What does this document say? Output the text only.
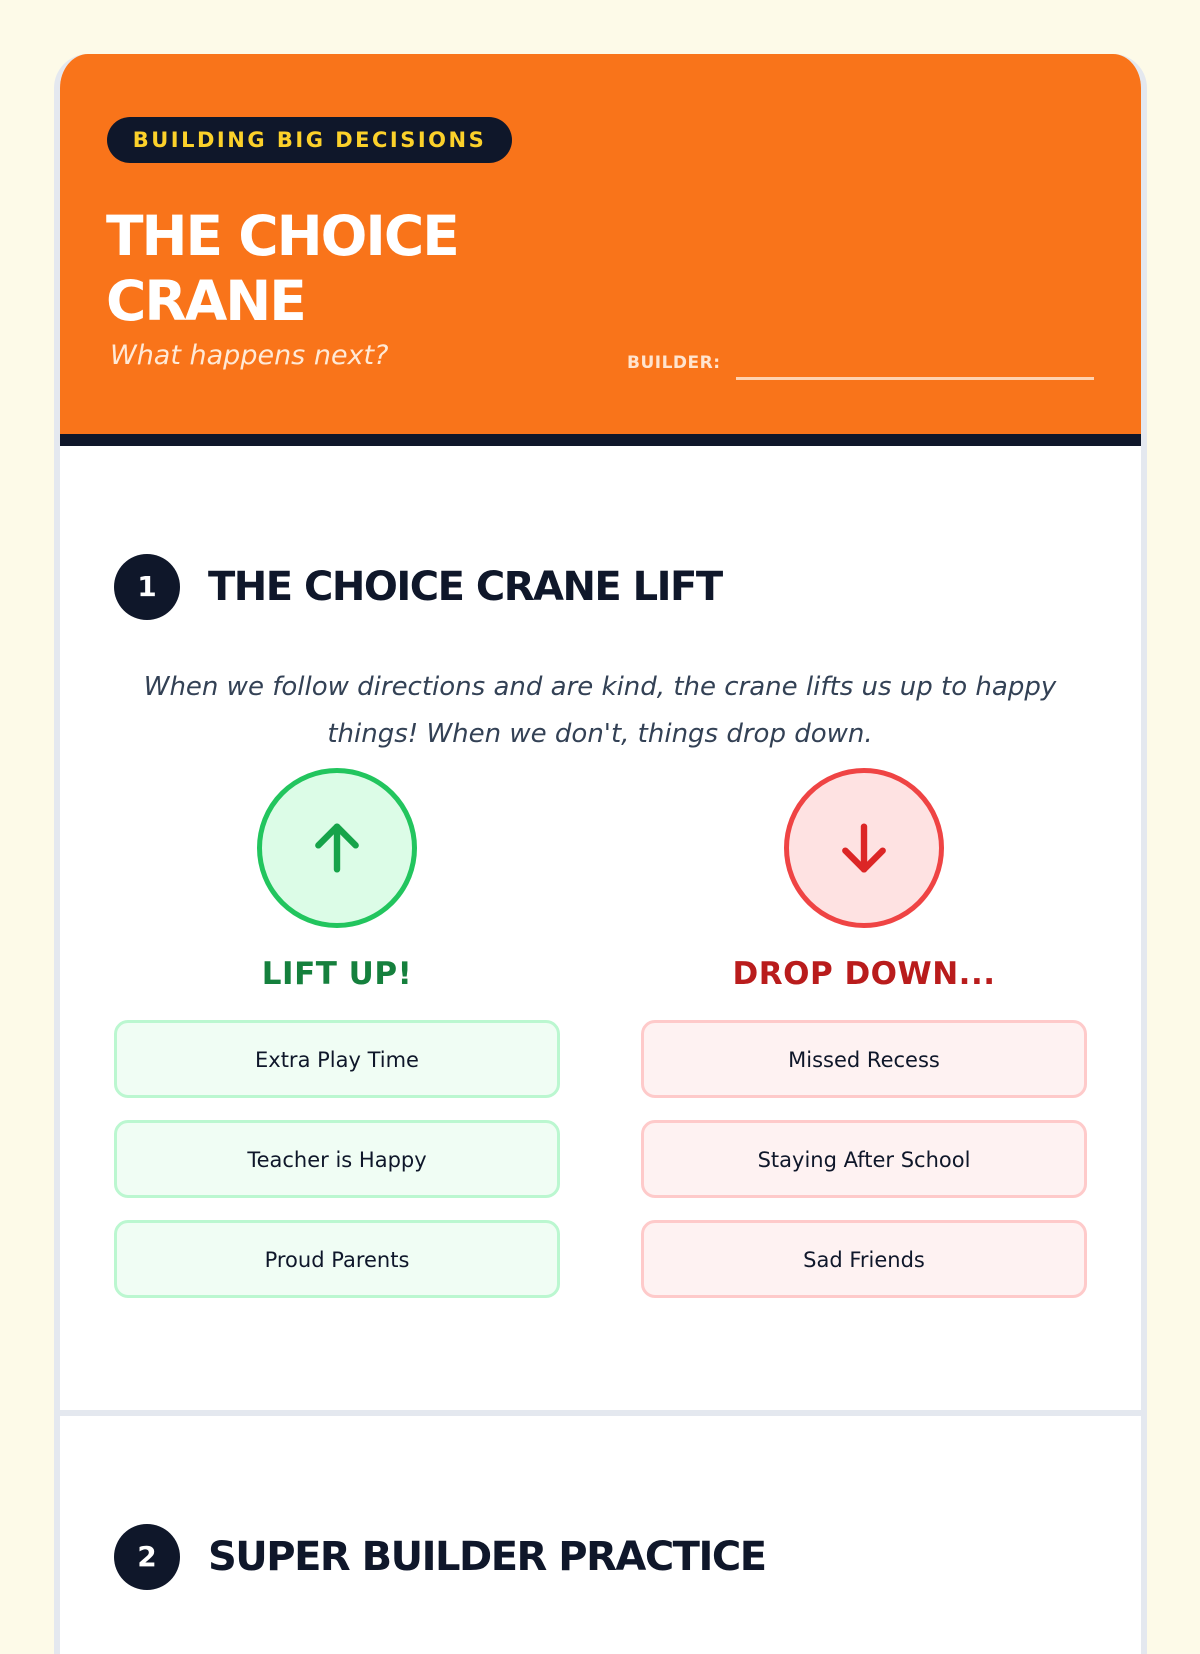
BUILDING BIG DECISIONS
THE CHOICE CRANE
What happens next?	BUILDER:
1	THE CHOICE CRANE LIFT
When we follow directions and are kind, the crane lifts us up to happy things! When we don't, things drop down.
LIFT UP!
Extra Play Time
Teacher is Happy
Proud Parents
DROP DOWN...
Missed Recess
Staying After School
Sad Friends
2	SUPER BUILDER PRACTICE
